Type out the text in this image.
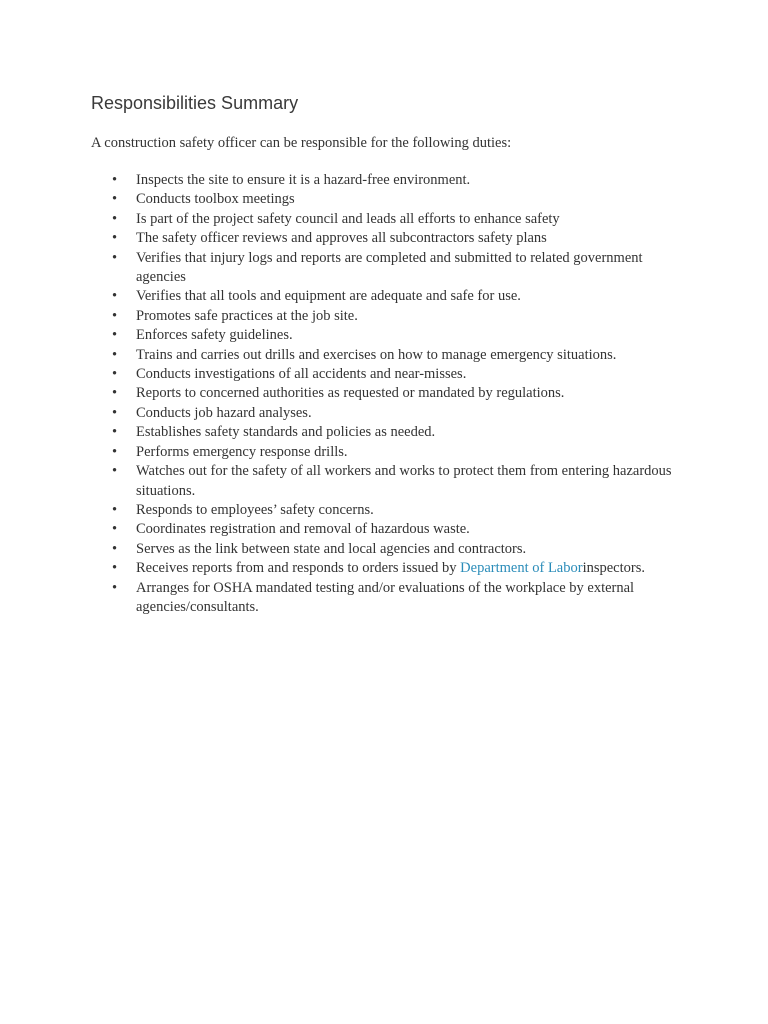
Responsibilities Summary

A construction safety officer can be responsible for the following duties:

• Inspects the site to ensure it is a hazard-free environment.
• Conducts toolbox meetings
• Is part of the project safety council and leads all efforts to enhance safety
• The safety officer reviews and approves all subcontractors safety plans
• Verifies that injury logs and reports are completed and submitted to related government agencies
• Verifies that all tools and equipment are adequate and safe for use.
• Promotes safe practices at the job site.
• Enforces safety guidelines.
• Trains and carries out drills and exercises on how to manage emergency situations.
• Conducts investigations of all accidents and near-misses.
• Reports to concerned authorities as requested or mandated by regulations.
• Conducts job hazard analyses.
• Establishes safety standards and policies as needed.
• Performs emergency response drills.
• Watches out for the safety of all workers and works to protect them from entering hazardous situations.
• Responds to employees’ safety concerns.
• Coordinates registration and removal of hazardous waste.
• Serves as the link between state and local agencies and contractors.
• Receives reports from and responds to orders issued by Department of Laborinspectors.
• Arranges for OSHA mandated testing and/or evaluations of the workplace by external agencies/consultants.
